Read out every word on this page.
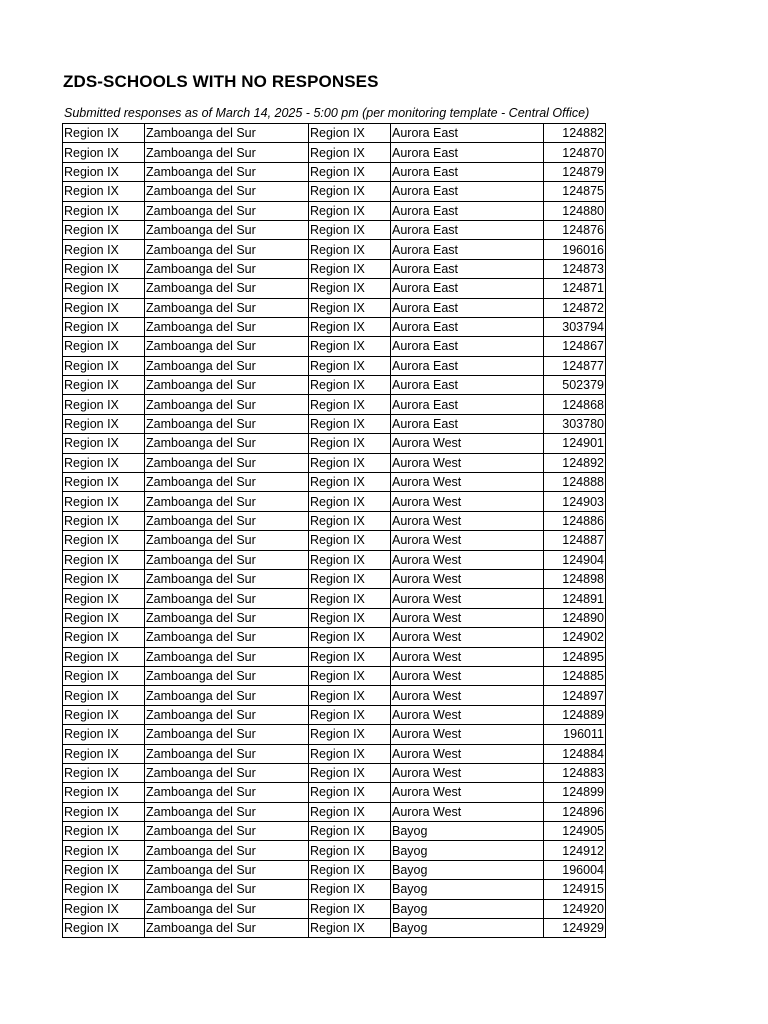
ZDS-SCHOOLS WITH NO RESPONSES
Submitted responses as of March 14, 2025 - 5:00 pm (per monitoring template - Central Office)
Region IX	Zamboanga del Sur	Region IX	Aurora East	124882
Region IX	Zamboanga del Sur	Region IX	Aurora East	124870
Region IX	Zamboanga del Sur	Region IX	Aurora East	124879
Region IX	Zamboanga del Sur	Region IX	Aurora East	124875
Region IX	Zamboanga del Sur	Region IX	Aurora East	124880
Region IX	Zamboanga del Sur	Region IX	Aurora East	124876
Region IX	Zamboanga del Sur	Region IX	Aurora East	196016
Region IX	Zamboanga del Sur	Region IX	Aurora East	124873
Region IX	Zamboanga del Sur	Region IX	Aurora East	124871
Region IX	Zamboanga del Sur	Region IX	Aurora East	124872
Region IX	Zamboanga del Sur	Region IX	Aurora East	303794
Region IX	Zamboanga del Sur	Region IX	Aurora East	124867
Region IX	Zamboanga del Sur	Region IX	Aurora East	124877
Region IX	Zamboanga del Sur	Region IX	Aurora East	502379
Region IX	Zamboanga del Sur	Region IX	Aurora East	124868
Region IX	Zamboanga del Sur	Region IX	Aurora East	303780
Region IX	Zamboanga del Sur	Region IX	Aurora West	124901
Region IX	Zamboanga del Sur	Region IX	Aurora West	124892
Region IX	Zamboanga del Sur	Region IX	Aurora West	124888
Region IX	Zamboanga del Sur	Region IX	Aurora West	124903
Region IX	Zamboanga del Sur	Region IX	Aurora West	124886
Region IX	Zamboanga del Sur	Region IX	Aurora West	124887
Region IX	Zamboanga del Sur	Region IX	Aurora West	124904
Region IX	Zamboanga del Sur	Region IX	Aurora West	124898
Region IX	Zamboanga del Sur	Region IX	Aurora West	124891
Region IX	Zamboanga del Sur	Region IX	Aurora West	124890
Region IX	Zamboanga del Sur	Region IX	Aurora West	124902
Region IX	Zamboanga del Sur	Region IX	Aurora West	124895
Region IX	Zamboanga del Sur	Region IX	Aurora West	124885
Region IX	Zamboanga del Sur	Region IX	Aurora West	124897
Region IX	Zamboanga del Sur	Region IX	Aurora West	124889
Region IX	Zamboanga del Sur	Region IX	Aurora West	196011
Region IX	Zamboanga del Sur	Region IX	Aurora West	124884
Region IX	Zamboanga del Sur	Region IX	Aurora West	124883
Region IX	Zamboanga del Sur	Region IX	Aurora West	124899
Region IX	Zamboanga del Sur	Region IX	Aurora West	124896
Region IX	Zamboanga del Sur	Region IX	Bayog	124905
Region IX	Zamboanga del Sur	Region IX	Bayog	124912
Region IX	Zamboanga del Sur	Region IX	Bayog	196004
Region IX	Zamboanga del Sur	Region IX	Bayog	124915
Region IX	Zamboanga del Sur	Region IX	Bayog	124920
Region IX	Zamboanga del Sur	Region IX	Bayog	124929
